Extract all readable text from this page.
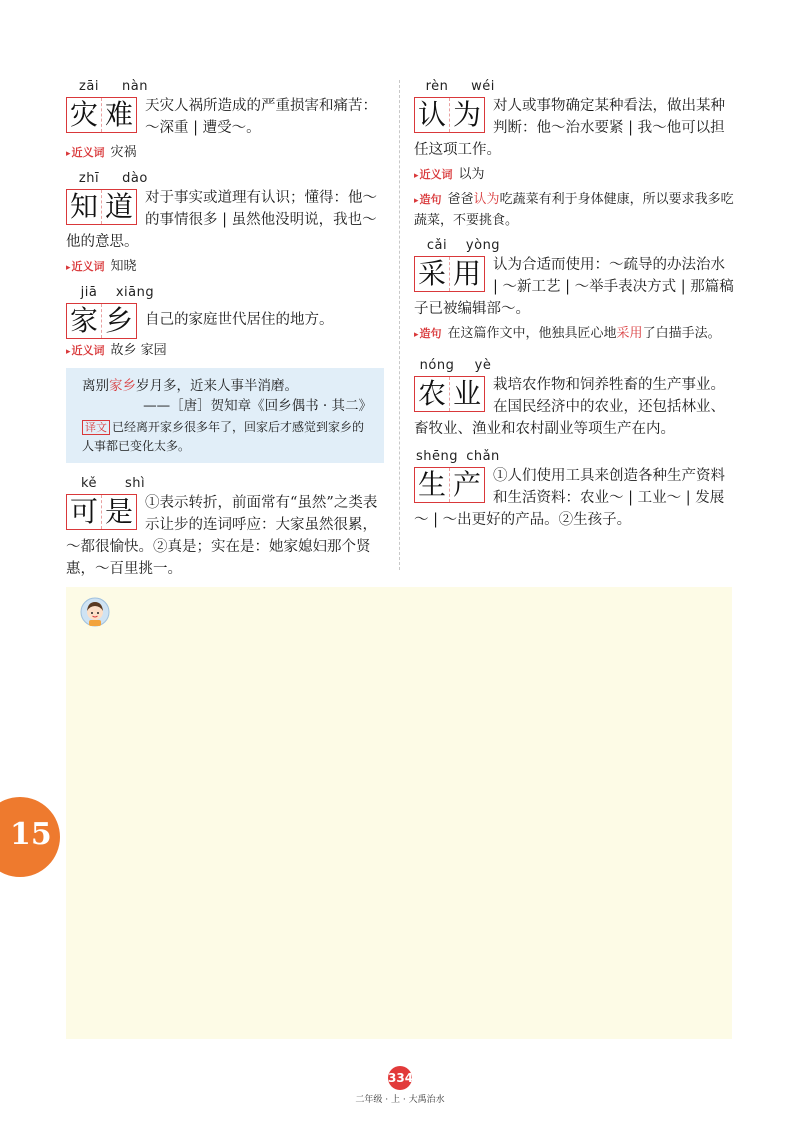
zāi nàn
灾 难 天灾人祸所造成的严重损害和痛苦：～深重 | 遭受～。
▸ 近义词 灾祸
zhī dào
知 道 对于事实或道理有认识；懂得：他～的事情很多 | 虽然他没明说，我也～他的意思。
▸ 近义词 知晓
jiā xiāng
家 乡 自己的家庭世代居住的地方。
▸ 近义词 故乡 家园
离别家乡岁月多，近来人事半消磨。
——［唐］贺知章《回乡偶书 · 其二》
译文 已经离开家乡很多年了，回家后才感觉到家乡的人事都已变化太多。
kě shì
可 是 ①表示转折，前面常有“虽然”之类表示让步的连词呼应：大家虽然很累，～都很愉快。②真是；实在是：她家媳妇那个贤惠，～百里挑一。
rèn wéi
认 为 对人或事物确定某种看法，做出某种判断：他～治水要紧 | 我～他可以担任这项工作。
▸ 近义词 以为
▸ 造句 爸爸认为吃蔬菜有利于身体健康，所以要求我多吃蔬菜，不要挑食。
cǎi yòng
采 用 认为合适而使用：～疏导的办法治水 | ～新工艺 | ～举手表决方式 | 那篇稿子已被编辑部～。
▸ 造句 在这篇作文中，他独具匠心地采用了白描手法。
nóng yè
农 业 栽培农作物和饲养牲畜的生产事业。在国民经济中的农业，还包括林业、畜牧业、渔业和农村副业等项生产在内。
shēng chǎn
生 产 ①人们使用工具来创造各种生产资料和生活资料：农业～ | 工业～ | 发展～ | ～出更好的产品。②生孩子。
15
334
二年级 · 上 · 大禹治水
